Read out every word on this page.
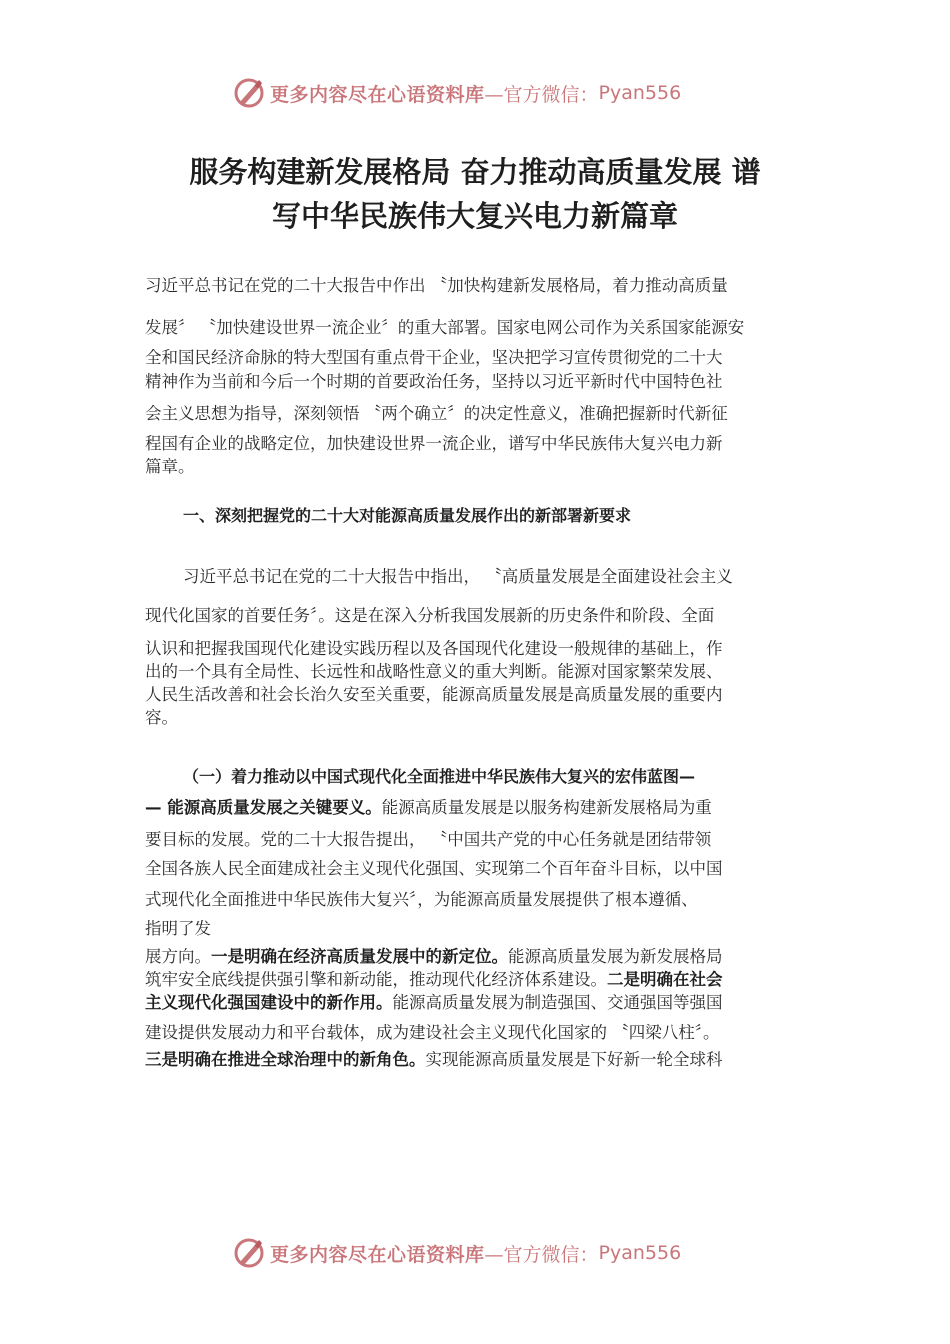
更多内容尽在心语资料库 —官方微信： Pyan556
服务构建新发展格局 奋力推动高质量发展 谱
写中华民族伟大复兴电力新篇章

习近平总书记在党的二十大报告中作出 〝加快构建新发展格局，着力推动高质量

发展〞 〝加快建设世界一流企业〞的重大部署。国家电网公司作为关系国家能源安

全和国民经济命脉的特大型国有重点骨干企业，坚决把学习宣传贯彻党的二十大

精神作为当前和今后一个时期的首要政治任务，坚持以习近平新时代中国特色社

会主义思想为指导，深刻领悟 〝两个确立〞的决定性意义，准确把握新时代新征

程国有企业的战略定位，加快建设世界一流企业，谱写中华民族伟大复兴电力新

篇章。

一、深刻把握党的二十大对能源高质量发展作出的新部署新要求

习近平总书记在党的二十大报告中指出， 〝高质量发展是全面建设社会主义

现代化国家的首要任务〞。这是在深入分析我国发展新的历史条件和阶段、全面

认识和把握我国现代化建设实践历程以及各国现代化建设一般规律的基础上，作

出的一个具有全局性、长远性和战略性意义的重大判断。能源对国家繁荣发展、

人民生活改善和社会长治久安至关重要，能源高质量发展是高质量发展的重要内

容。

（一）着力推动以中国式现代化全面推进中华民族伟大复兴的宏伟蓝图—

— 能源高质量发展之关键要义。能源高质量发展是以服务构建新发展格局为重

要目标的发展。党的二十大报告提出， 〝中国共产党的中心任务就是团结带领

全国各族人民全面建成社会主义现代化强国、实现第二个百年奋斗目标，以中国

式现代化全面推进中华民族伟大复兴〞，为能源高质量发展提供了根本遵循、

指明了发

展方向。一是明确在经济高质量发展中的新定位。能源高质量发展为新发展格局

筑牢安全底线提供强引擎和新动能，推动现代化经济体系建设。二是明确在社会

主义现代化强国建设中的新作用。能源高质量发展为制造强国、交通强国等强国

建设提供发展动力和平台载体，成为建设社会主义现代化国家的 〝四梁八柱〞。

三是明确在推进全球治理中的新角色。实现能源高质量发展是下好新一轮全球科

更多内容尽在心语资料库 —官方微信： Pyan556
